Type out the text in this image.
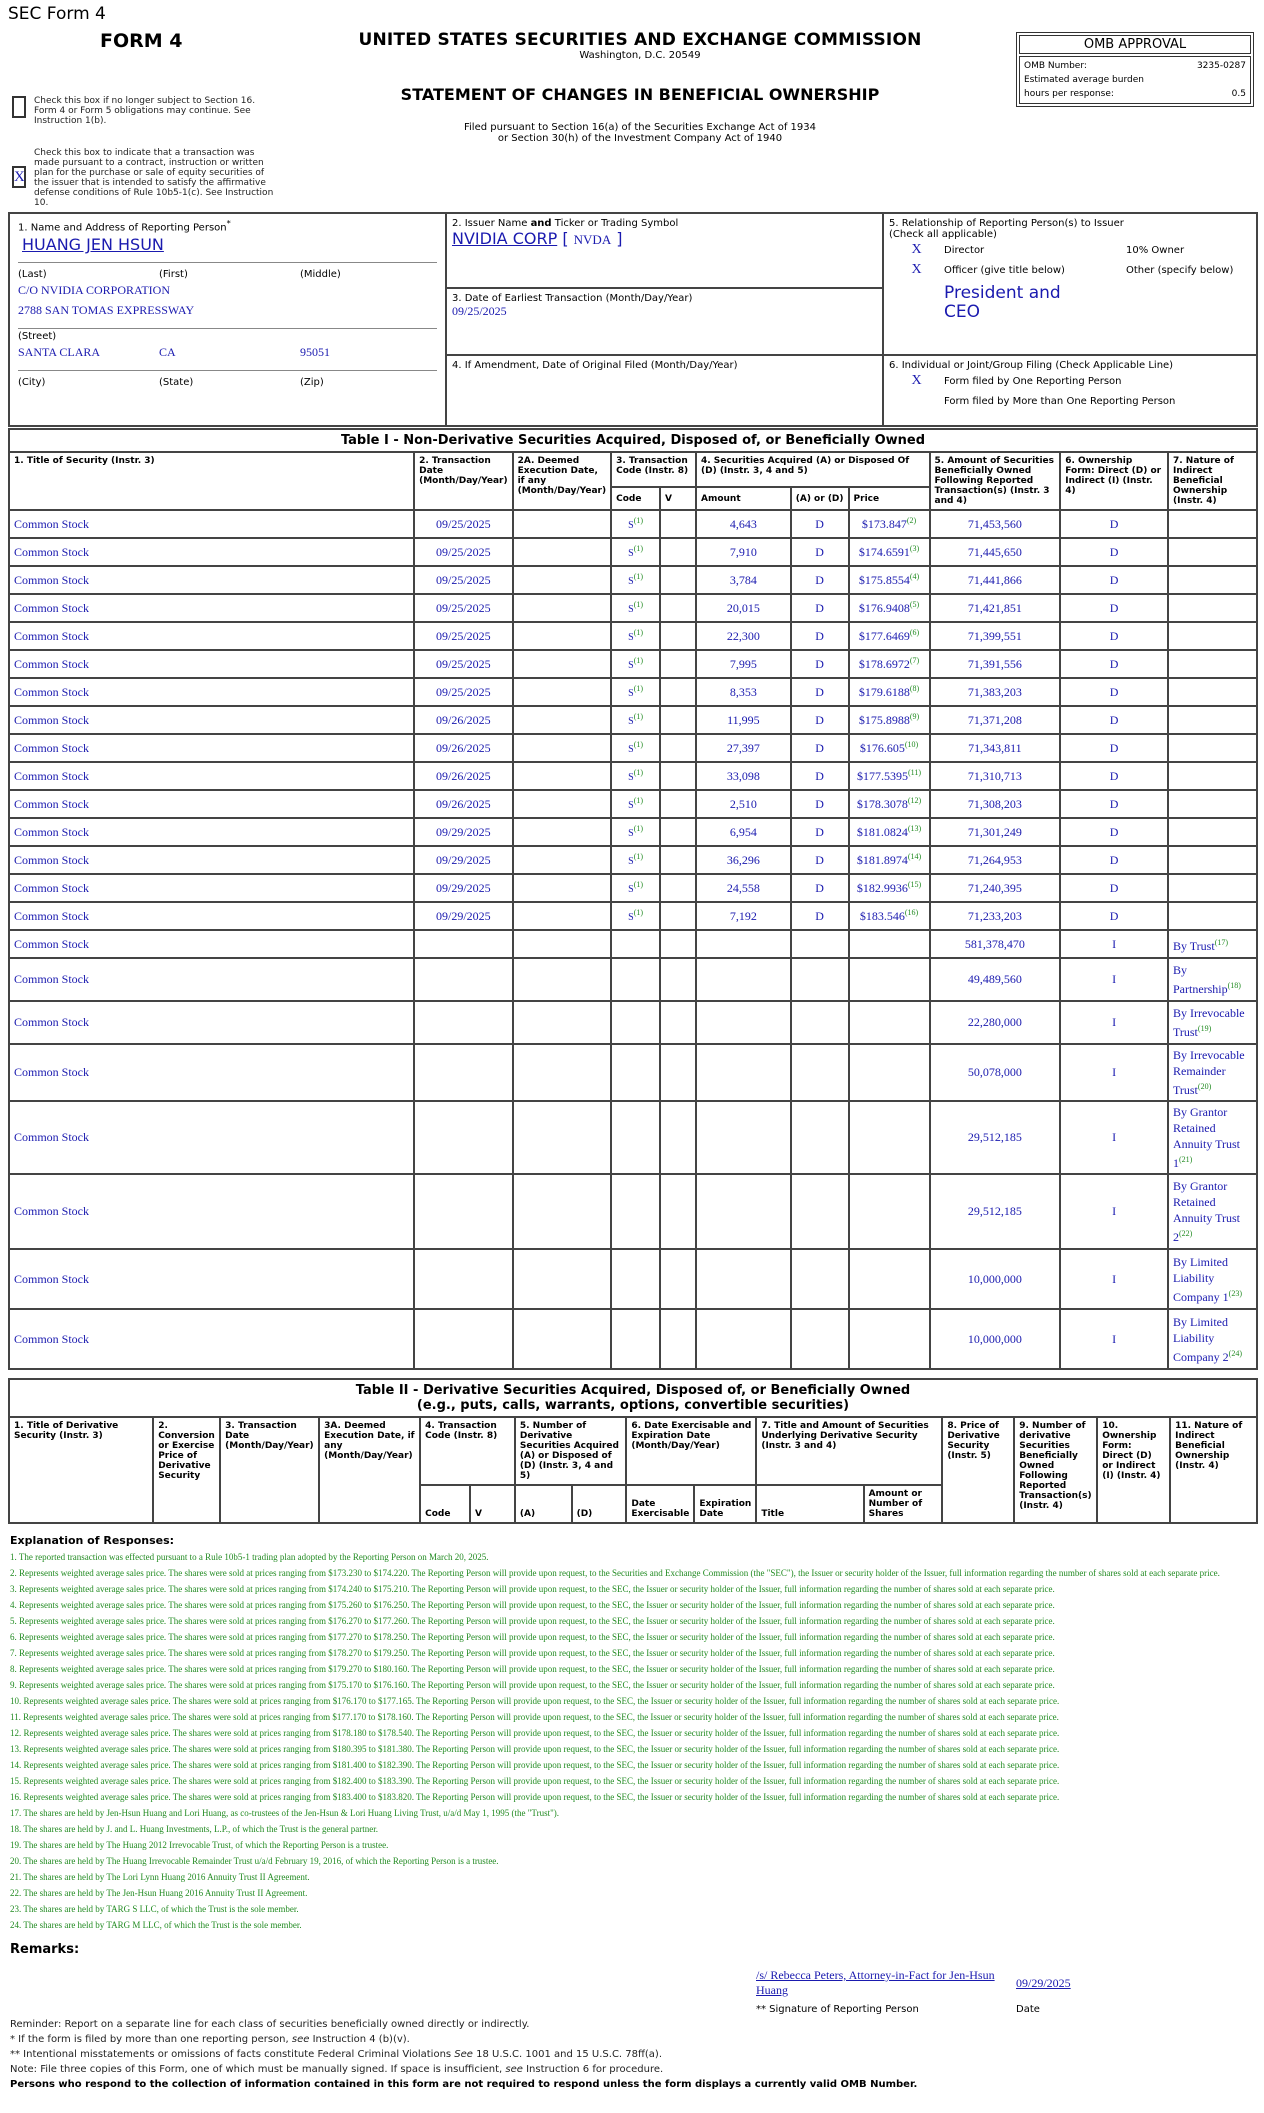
SEC Form 4
FORM 4	UNITED STATES SECURITIES AND EXCHANGE COMMISSION
Washington, D.C. 20549
STATEMENT OF CHANGES IN BENEFICIAL OWNERSHIP
Filed pursuant to Section 16(a) of the Securities Exchange Act of 1934
or Section 30(h) of the Investment Company Act of 1940
OMB APPROVAL
OMB Number:	3235-0287
Estimated average burden
hours per response:	0.5
Check this box if no longer subject to Section 16. Form 4 or Form 5 obligations may continue. See Instruction 1(b).
X
Check this box to indicate that a transaction was made pursuant to a contract, instruction or written plan for the purchase or sale of equity securities of the issuer that is intended to satisfy the affirmative defense conditions of Rule 10b5-1(c). See Instruction 10.
1. Name and Address of Reporting Person*
HUANG JEN HSUN
(Last)	(First)	(Middle)
C/O NVIDIA CORPORATION
2788 SAN TOMAS EXPRESSWAY
(Street)
SANTA CLARA	CA	95051
(City)	(State)	(Zip)
2. Issuer Name and Ticker or Trading Symbol
NVIDIA CORP [ NVDA ]
3. Date of Earliest Transaction (Month/Day/Year)
09/25/2025
4. If Amendment, Date of Original Filed (Month/Day/Year)
5. Relationship of Reporting Person(s) to Issuer
(Check all applicable)
X	Director	10% Owner
X	Officer (give title below)	Other (specify below)
President and
CEO
6. Individual or Joint/Group Filing (Check Applicable Line)
X	Form filed by One Reporting Person
Form filed by More than One Reporting Person
Table I - Non-Derivative Securities Acquired, Disposed of, or Beneficially Owned										
1. Title of Security (Instr. 3)	2. Transaction Date (Month/Day/Year)	2A. Deemed Execution Date, if any (Month/Day/Year)	3. Transaction Code (Instr. 8)		4. Securities Acquired (A) or Disposed Of (D) (Instr. 3, 4 and 5)			5. Amount of Securities Beneficially Owned Following Reported Transaction(s) (Instr. 3 and 4)	6. Ownership Form: Direct (D) or Indirect (I) (Instr. 4)	7. Nature of Indirect Beneficial Ownership (Instr. 4)
			Code	V	Amount	(A) or (D)	Price			
Common Stock	09/25/2025		S$^{(1)}$		4,643	D	$173.847$^{(2)}$	71,453,560	D	
Common Stock	09/25/2025		S$^{(1)}$		7,910	D	$174.6591$^{(3)}$	71,445,650	D	
Common Stock	09/25/2025		S$^{(1)}$		3,784	D	$175.8554$^{(4)}$	71,441,866	D	
Common Stock	09/25/2025		S$^{(1)}$		20,015	D	$176.9408$^{(5)}$	71,421,851	D	
Common Stock	09/25/2025		S$^{(1)}$		22,300	D	$177.6469$^{(6)}$	71,399,551	D	
Common Stock	09/25/2025		S$^{(1)}$		7,995	D	$178.6972$^{(7)}$	71,391,556	D	
Common Stock	09/25/2025		S$^{(1)}$		8,353	D	$179.6188$^{(8)}$	71,383,203	D	
Common Stock	09/26/2025		S$^{(1)}$		11,995	D	$175.8988$^{(9)}$	71,371,208	D	
Common Stock	09/26/2025		S$^{(1)}$		27,397	D	$176.605$^{(10)}$	71,343,811	D	
Common Stock	09/26/2025		S$^{(1)}$		33,098	D	$177.5395$^{(11)}$	71,310,713	D	
Common Stock	09/26/2025		S$^{(1)}$		2,510	D	$178.3078$^{(12)}$	71,308,203	D	
Common Stock	09/29/2025		S$^{(1)}$		6,954	D	$181.0824$^{(13)}$	71,301,249	D	
Common Stock	09/29/2025		S$^{(1)}$		36,296	D	$181.8974$^{(14)}$	71,264,953	D	
Common Stock	09/29/2025		S$^{(1)}$		24,558	D	$182.9936$^{(15)}$	71,240,395	D	
Common Stock	09/29/2025		S$^{(1)}$		7,192	D	$183.546$^{(16)}$	71,233,203	D	
Common Stock								581,378,470	I	By Trust$^{(17)}$
Common Stock								49,489,560	I	By Partnership$^{(18)}$
Common Stock								22,280,000	I	By Irrevocable Trust$^{(19)}$
Common Stock								50,078,000	I	By Irrevocable Remainder Trust$^{(20)}$
Common Stock								29,512,185	I	By Grantor Retained Annuity Trust 1$^{(21)}$
Common Stock								29,512,185	I	By Grantor Retained Annuity Trust 2$^{(22)}$
Common Stock								10,000,000	I	By Limited Liability Company 1$^{(23)}$
Common Stock								10,000,000	I	By Limited Liability Company 2$^{(24)}$
Table II - Derivative Securities Acquired, Disposed of, or Beneficially Owned
(e.g., puts, calls, warrants, options, convertible securities)															

1. Title of Derivative Security (Instr. 3)	2. Conversion or Exercise Price of Derivative Security	3. Transaction Date (Month/Day/Year)	3A. Deemed Execution Date, if any (Month/Day/Year)	4. Transaction Code (Instr. 8)		5. Number of Derivative Securities Acquired (A) or Disposed of (D) (Instr. 3, 4 and 5)		6. Date Exercisable and Expiration Date (Month/Day/Year)		7. Title and Amount of Securities Underlying Derivative Security (Instr. 3 and 4)		8. Price of Derivative Security (Instr. 5)	9. Number of derivative Securities Beneficially Owned Following Reported Transaction(s) (Instr. 4)	10. Ownership Form: Direct (D) or Indirect (I) (Instr. 4)	11. Nature of Indirect Beneficial Ownership (Instr. 4)
				Code	V	(A)	(D)	Date Exercisable	Expiration Date	Title	Amount or Number of Shares				
Explanation of Responses:
1. The reported transaction was effected pursuant to a Rule 10b5-1 trading plan adopted by the Reporting Person on March 20, 2025.
2. Represents weighted average sales price. The shares were sold at prices ranging from $173.230 to $174.220. The Reporting Person will provide upon request, to the Securities and Exchange Commission (the "SEC"), the Issuer or security holder of the Issuer, full information regarding the number of shares sold at each separate price.
3. Represents weighted average sales price. The shares were sold at prices ranging from $174.240 to $175.210. The Reporting Person will provide upon request, to the SEC, the Issuer or security holder of the Issuer, full information regarding the number of shares sold at each separate price.
4. Represents weighted average sales price. The shares were sold at prices ranging from $175.260 to $176.250. The Reporting Person will provide upon request, to the SEC, the Issuer or security holder of the Issuer, full information regarding the number of shares sold at each separate price.
5. Represents weighted average sales price. The shares were sold at prices ranging from $176.270 to $177.260. The Reporting Person will provide upon request, to the SEC, the Issuer or security holder of the Issuer, full information regarding the number of shares sold at each separate price.
6. Represents weighted average sales price. The shares were sold at prices ranging from $177.270 to $178.250. The Reporting Person will provide upon request, to the SEC, the Issuer or security holder of the Issuer, full information regarding the number of shares sold at each separate price.
7. Represents weighted average sales price. The shares were sold at prices ranging from $178.270 to $179.250. The Reporting Person will provide upon request, to the SEC, the Issuer or security holder of the Issuer, full information regarding the number of shares sold at each separate price.
8. Represents weighted average sales price. The shares were sold at prices ranging from $179.270 to $180.160. The Reporting Person will provide upon request, to the SEC, the Issuer or security holder of the Issuer, full information regarding the number of shares sold at each separate price.
9. Represents weighted average sales price. The shares were sold at prices ranging from $175.170 to $176.160. The Reporting Person will provide upon request, to the SEC, the Issuer or security holder of the Issuer, full information regarding the number of shares sold at each separate price.
10. Represents weighted average sales price. The shares were sold at prices ranging from $176.170 to $177.165. The Reporting Person will provide upon request, to the SEC, the Issuer or security holder of the Issuer, full information regarding the number of shares sold at each separate price.
11. Represents weighted average sales price. The shares were sold at prices ranging from $177.170 to $178.160. The Reporting Person will provide upon request, to the SEC, the Issuer or security holder of the Issuer, full information regarding the number of shares sold at each separate price.
12. Represents weighted average sales price. The shares were sold at prices ranging from $178.180 to $178.540. The Reporting Person will provide upon request, to the SEC, the Issuer or security holder of the Issuer, full information regarding the number of shares sold at each separate price.
13. Represents weighted average sales price. The shares were sold at prices ranging from $180.395 to $181.380. The Reporting Person will provide upon request, to the SEC, the Issuer or security holder of the Issuer, full information regarding the number of shares sold at each separate price.
14. Represents weighted average sales price. The shares were sold at prices ranging from $181.400 to $182.390. The Reporting Person will provide upon request, to the SEC, the Issuer or security holder of the Issuer, full information regarding the number of shares sold at each separate price.
15. Represents weighted average sales price. The shares were sold at prices ranging from $182.400 to $183.390. The Reporting Person will provide upon request, to the SEC, the Issuer or security holder of the Issuer, full information regarding the number of shares sold at each separate price.
16. Represents weighted average sales price. The shares were sold at prices ranging from $183.400 to $183.820. The Reporting Person will provide upon request, to the SEC, the Issuer or security holder of the Issuer, full information regarding the number of shares sold at each separate price.
17. The shares are held by Jen-Hsun Huang and Lori Huang, as co-trustees of the Jen-Hsun & Lori Huang Living Trust, u/a/d May 1, 1995 (the "Trust").
18. The shares are held by J. and L. Huang Investments, L.P., of which the Trust is the general partner.
19. The shares are held by The Huang 2012 Irrevocable Trust, of which the Reporting Person is a trustee.
20. The shares are held by The Huang Irrevocable Remainder Trust u/a/d February 19, 2016, of which the Reporting Person is a trustee.
21. The shares are held by The Lori Lynn Huang 2016 Annuity Trust II Agreement.
22. The shares are held by The Jen-Hsun Huang 2016 Annuity Trust II Agreement.
23. The shares are held by TARG S LLC, of which the Trust is the sole member.
24. The shares are held by TARG M LLC, of which the Trust is the sole member.
Remarks:
/s/ Rebecca Peters, Attorney-in-Fact for Jen-Hsun Huang
09/29/2025
** Signature of Reporting Person	Date
Reminder: Report on a separate line for each class of securities beneficially owned directly or indirectly.
* If the form is filed by more than one reporting person, see Instruction 4 (b)(v).
** Intentional misstatements or omissions of facts constitute Federal Criminal Violations See 18 U.S.C. 1001 and 15 U.S.C. 78ff(a).
Note: File three copies of this Form, one of which must be manually signed. If space is insufficient, see Instruction 6 for procedure.
Persons who respond to the collection of information contained in this form are not required to respond unless the form displays a currently valid OMB Number.
